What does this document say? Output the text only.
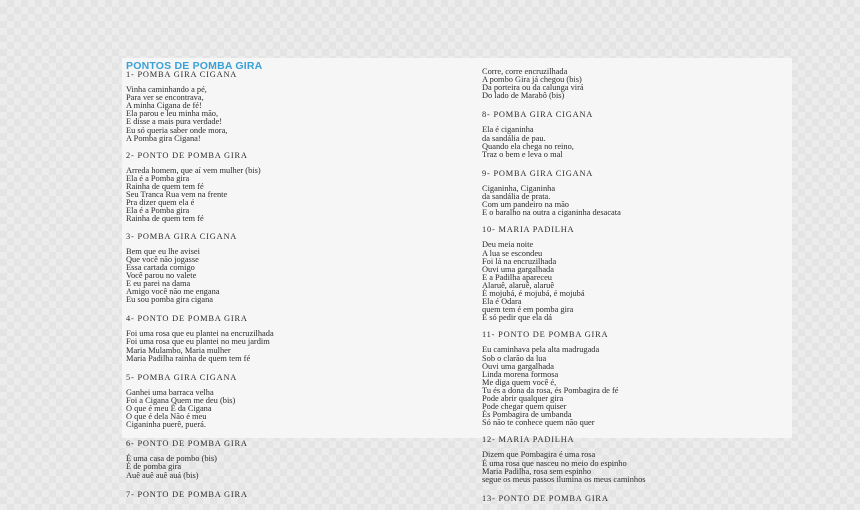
PONTOS DE POMBA GIRA
1- POMBA GIRA CIGANA
Vinha caminhando a pé,
Para ver se encontrava,
A minha Cigana de fé!
Ela parou e leu minha mão,
E disse a mais pura verdade!
Eu só queria saber onde mora,
A Pomba gira Cigana!
2- PONTO DE POMBA GIRA
Arreda homem, que aí vem mulher (bis)
Ela é a Pomba gira
Rainha de quem tem fé
Seu Tranca Rua vem na frente
Pra dizer quem ela é
Ela é a Pomba gira
Rainha de quem tem fé
3- POMBA GIRA CIGANA
Bem que eu lhe avisei
Que você não jogasse
Essa cartada comigo
Você parou no valete
E eu parei na dama
Amigo você não me engana
Eu sou pomba gira cigana
4- PONTO DE POMBA GIRA
Foi uma rosa que eu plantei na encruzilhada
Foi uma rosa que eu plantei no meu jardim
Maria Mulambo, Maria mulher
Maria Padilha rainha de quem tem fé
5- POMBA GIRA CIGANA
Ganhei uma barraca velha
Foi a Cigana Quem me deu (bis)
O que é meu É da Cigana
O que é dela Não é meu
Ciganinha puerê, puerá.
6- PONTO DE POMBA GIRA
É uma casa de pombo (bis)
É de pomba gira
Auê auê auê auá (bis)
7- PONTO DE POMBA GIRA
Corre, corre encruzilhada
A pombo Gira já chegou (bis)
Da porteira ou da calunga virá
Do lado de Marabô (bis)
8- POMBA GIRA CIGANA
Ela é ciganinha
da sandália de pau.
Quando ela chega no reino,
Traz o bem e leva o mal
9- POMBA GIRA CIGANA
Ciganinha, Ciganinha
da sandália de prata.
Com um pandeiro na mão
E o baralho na outra a ciganinha desacata
10- MARIA PADILHA
Deu meia noite
A lua se escondeu
Foi lá na encruzilhada
Ouvi uma gargalhada
E a Padilha apareceu
Alaruê, alaruê, alaruê
É mojubá, é mojubá, é mojubá
Ela é Odara
quem tem é em pomba gira
E só pedir que ela dá
11- PONTO DE POMBA GIRA
Eu caminhava pela alta madrugada
Sob o clarão da lua
Ouvi uma gargalhada
Linda morena formosa
Me diga quem você é,
Tu és a dona da rosa, és Pombagira de fé
Pode abrir qualquer gira
Pode chegar quem quiser
És Pombagira de umbanda
Só não te conhece quem não quer
12- MARIA PADILHA
Dizem que Pombagira é uma rosa
É uma rosa que nasceu no meio do espinho
Maria Padilha, rosa sem espinho
segue os meus passos ilumina os meus caminhos
13- PONTO DE POMBA GIRA
